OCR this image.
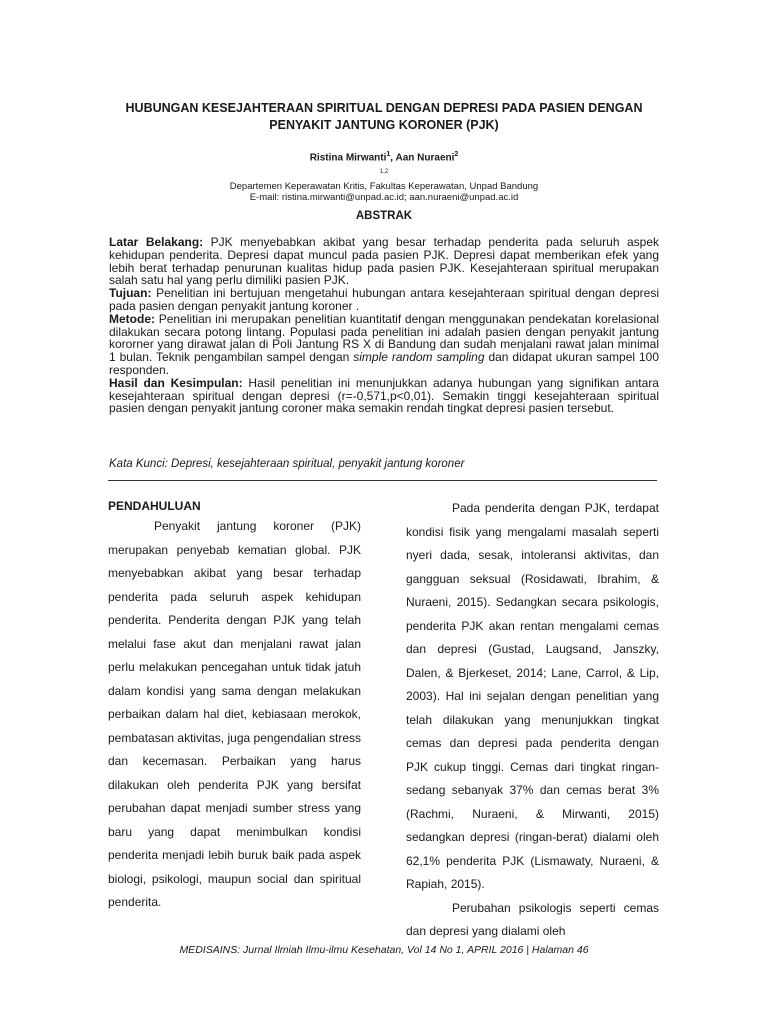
HUBUNGAN KESEJAHTERAAN SPIRITUAL DENGAN DEPRESI PADA PASIEN DENGAN
PENYAKIT JANTUNG KORONER (PJK)
Ristina Mirwanti$^1$, Aan Nuraeni$^2$
$^{1,2}$
Departemen Keperawatan Kritis, Fakultas Keperawatan, Unpad Bandung
E-mail: ristina.mirwanti@unpad.ac.id; aan.nuraeni@unpad.ac.id
ABSTRAK

Latar Belakang: PJK menyebabkan akibat yang besar terhadap penderita pada seluruh aspek kehidupan penderita. Depresi dapat muncul pada pasien PJK. Depresi dapat memberikan efek yang lebih berat terhadap penurunan kualitas hidup pada pasien PJK. Kesejahteraan spiritual merupakan salah satu hal yang perlu dimiliki pasien PJK.

Tujuan: Penelitian ini bertujuan mengetahui hubungan antara kesejahteraan spiritual dengan depresi pada pasien dengan penyakit jantung koroner .

Metode: Penelitian ini merupakan penelitian kuantitatif dengan menggunakan pendekatan korelasional dilakukan secara potong lintang. Populasi pada penelitian ini adalah pasien dengan penyakit jantung kororner yang dirawat jalan di Poli Jantung RS X di Bandung dan sudah menjalani rawat jalan minimal 1 bulan. Teknik pengambilan sampel dengan simple random sampling dan didapat ukuran sampel 100 responden.

Hasil dan Kesimpulan: Hasil penelitian ini menunjukkan adanya hubungan yang signifikan antara kesejahteraan spiritual dengan depresi (r=-0,571,p<0,01). Semakin tinggi kesejahteraan spiritual pasien dengan penyakit jantung coroner maka semakin rendah tingkat depresi pasien tersebut.

Kata Kunci: Depresi, kesejahteraan spiritual, penyakit jantung koroner

PENDAHULUAN

Penyakit jantung koroner (PJK) merupakan penyebab kematian global. PJK menyebabkan akibat yang besar terhadap penderita pada seluruh aspek kehidupan penderita. Penderita dengan PJK yang telah melalui fase akut dan menjalani rawat jalan perlu melakukan pencegahan untuk tidak jatuh dalam kondisi yang sama dengan melakukan perbaikan dalam hal diet, kebiasaan merokok, pembatasan aktivitas, juga pengendalian stress dan kecemasan. Perbaikan yang harus dilakukan oleh penderita PJK yang bersifat perubahan dapat menjadi sumber stress yang baru yang dapat menimbulkan kondisi penderita menjadi lebih buruk baik pada aspek biologi, psikologi, maupun social dan spiritual penderita.

Pada penderita dengan PJK, terdapat kondisi fisik yang mengalami masalah seperti nyeri dada, sesak, intoleransi aktivitas, dan gangguan seksual (Rosidawati, Ibrahim, & Nuraeni, 2015). Sedangkan secara psikologis, penderita PJK akan rentan mengalami cemas dan depresi (Gustad, Laugsand, Janszky, Dalen, & Bjerkeset, 2014; Lane, Carrol, & Lip, 2003). Hal ini sejalan dengan penelitian yang telah dilakukan yang menunjukkan tingkat cemas dan depresi pada penderita dengan PJK cukup tinggi. Cemas dari tingkat ringan-sedang sebanyak 37% dan cemas berat 3% (Rachmi, Nuraeni, & Mirwanti, 2015) sedangkan depresi (ringan-berat) dialami oleh 62,1% penderita PJK (Lismawaty, Nuraeni, & Rapiah, 2015).

Perubahan psikologis seperti cemas dan depresi yang dialami oleh

MEDISAINS: Jurnal Ilmiah Ilmu-ilmu Kesehatan, Vol 14 No 1, APRIL 2016 | Halaman 46
